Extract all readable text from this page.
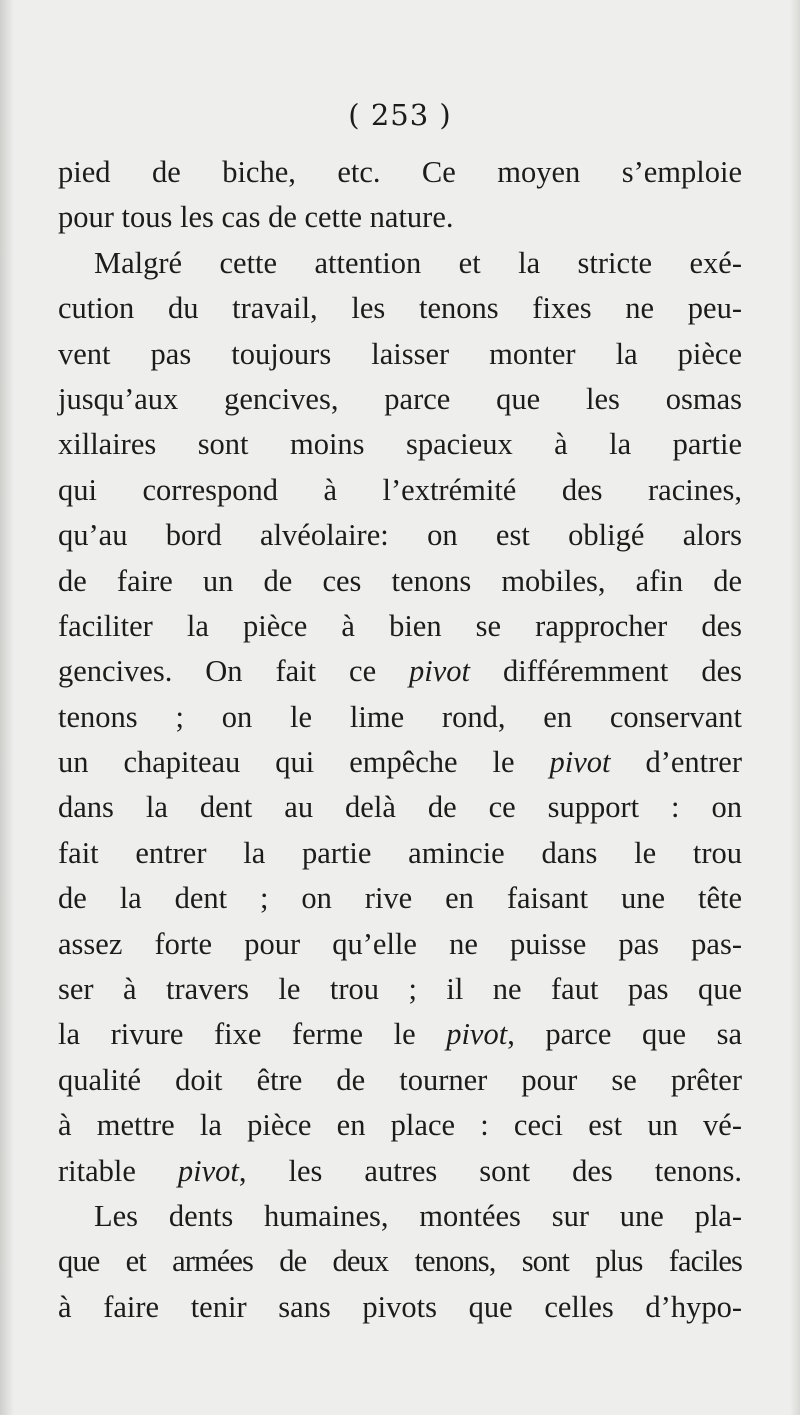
( 253 )
pied de biche, etc. Ce moyen s’emploie
pour tous les cas de cette nature.
Malgré cette attention et la stricte exé-
cution du travail, les tenons fixes ne peu-
vent pas toujours laisser monter la pièce
jusqu’aux gencives, parce que les osmas
xillaires sont moins spacieux à la partie
qui correspond à l’extrémité des racines,
qu’au bord alvéolaire: on est obligé alors
de faire un de ces tenons mobiles, afin de
faciliter la pièce à bien se rapprocher des
gencives. On fait ce pivot différemment des
tenons ; on le lime rond, en conservant
un chapiteau qui empêche le pivot d’entrer
dans la dent au delà de ce support : on
fait entrer la partie amincie dans le trou
de la dent ; on rive en faisant une tête
assez forte pour qu’elle ne puisse pas pas-
ser à travers le trou ; il ne faut pas que
la rivure fixe ferme le pivot, parce que sa
qualité doit être de tourner pour se prêter
à mettre la pièce en place : ceci est un vé-
ritable pivot, les autres sont des tenons.
Les dents humaines, montées sur une pla-
que et armées de deux tenons, sont plus faciles
à faire tenir sans pivots que celles d’hypo-
